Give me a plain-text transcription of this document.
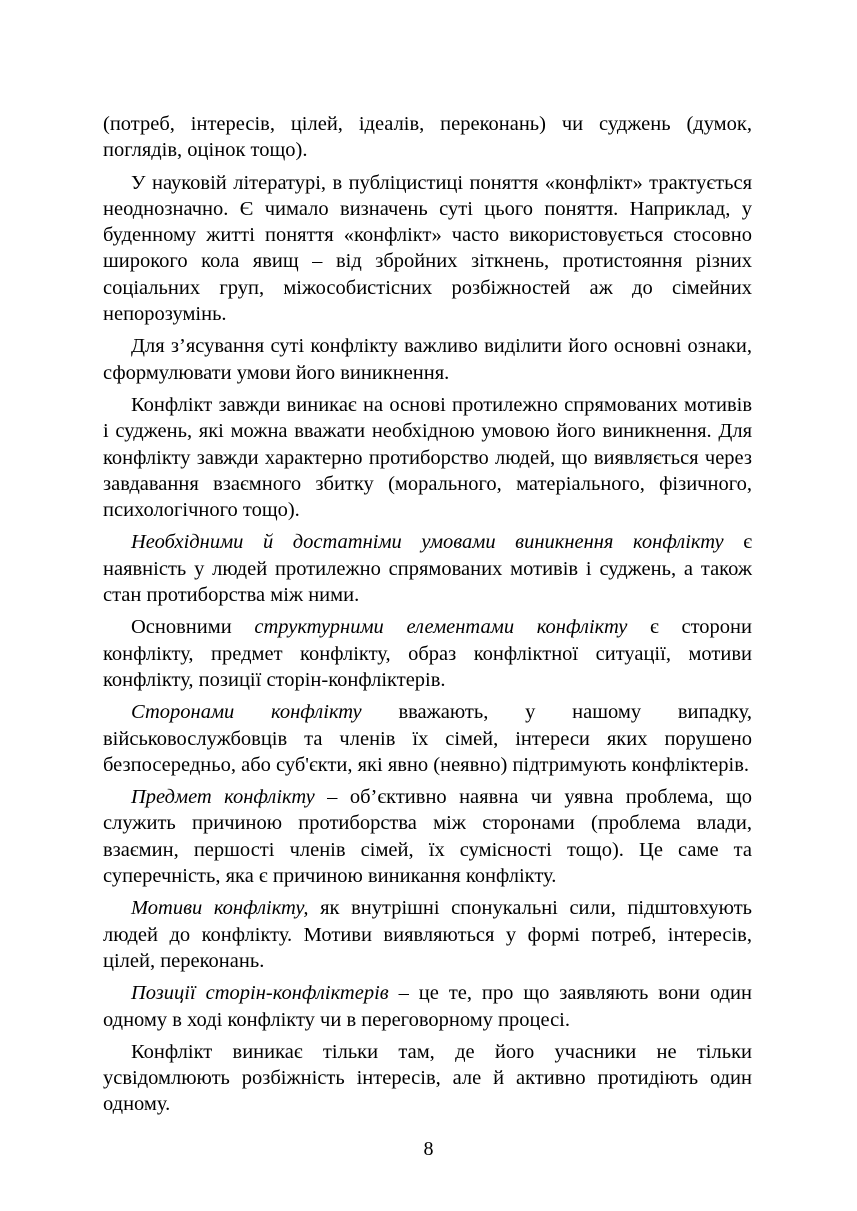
(потреб, інтересів, цілей, ідеалів, переконань) чи суджень (думок, поглядів, оцінок тощо).

У науковій літературі, в публіцистиці поняття «конфлікт» трактується неоднозначно. Є чимало визначень суті цього поняття. Наприклад, у буденному житті поняття «конфлікт» часто використовується стосовно широкого кола явищ – від збройних зіткнень, протистояння різних соціальних груп, міжособистісних розбіжностей аж до сімейних непорозумінь.

Для з’ясування суті конфлікту важливо виділити його основні ознаки, сформулювати умови його виникнення.

Конфлікт завжди виникає на основі протилежно спрямованих мотивів і суджень, які можна вважати необхідною умовою його виникнення. Для конфлікту завжди характерно протиборство людей, що виявляється через завдавання взаємного збитку (морального, матеріального, фізичного, психологічного тощо).

Необхідними й достатніми умовами виникнення конфлікту є наявність у людей протилежно спрямованих мотивів і суджень, а також стан протиборства між ними.

Основними структурними елементами конфлікту є сторони конфлікту, предмет конфлікту, образ конфліктної ситуації, мотиви конфлікту, позиції сторін-конфліктерів.

Сторонами конфлікту вважають, у нашому випадку, військовослужбовців та членів їх сімей, інтереси яких порушено безпосередньо, або суб'єкти, які явно (неявно) підтримують конфліктерів.

Предмет конфлікту – об’єктивно наявна чи уявна проблема, що служить причиною протиборства між сторонами (проблема влади, взаємин, першості членів сімей, їх сумісності тощо). Це саме та суперечність, яка є причиною виникання конфлікту.

Мотиви конфлікту, як внутрішні спонукальні сили, підштовхують людей до конфлікту. Мотиви виявляються у формі потреб, інтересів, цілей, переконань.

Позиції сторін-конфліктерів – це те, про що заявляють вони один одному в ході конфлікту чи в переговорному процесі.

Конфлікт виникає тільки там, де його учасники не тільки усвідомлюють розбіжність інтересів, але й активно протидіють один одному.

8
